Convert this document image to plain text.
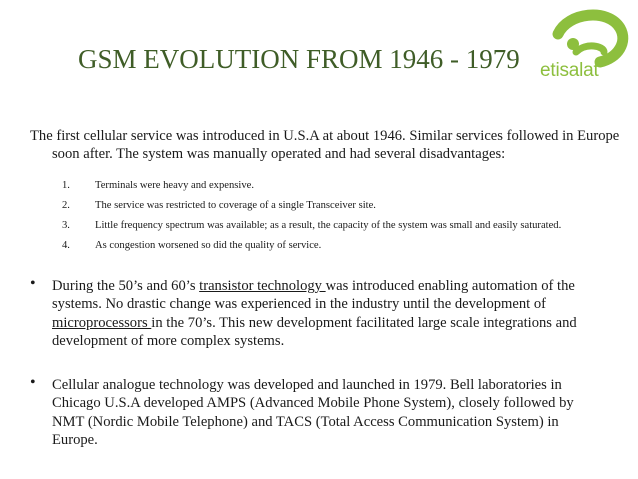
etisalat
GSM EVOLUTION FROM 1946 - 1979
The first cellular service was introduced in U.S.A at about 1946. Similar services followed in Europe soon after. The system was manually operated and had several disadvantages:
1. Terminals were heavy and expensive.
2. The service was restricted to coverage of a single Transceiver site.
3. Little frequency spectrum was available; as a result, the capacity of the system was small and easily saturated.
4. As congestion worsened so did the quality of service.
• During the 50’s and 60’s transistor technology was introduced enabling automation of the systems. No drastic change was experienced in the industry until the development of microprocessors in the 70’s. This new development facilitated large scale integrations and development of more complex systems.
• Cellular analogue technology was developed and launched in 1979. Bell laboratories in Chicago U.S.A developed AMPS (Advanced Mobile Phone System), closely followed by NMT (Nordic Mobile Telephone) and TACS (Total Access Communication System) in Europe.
